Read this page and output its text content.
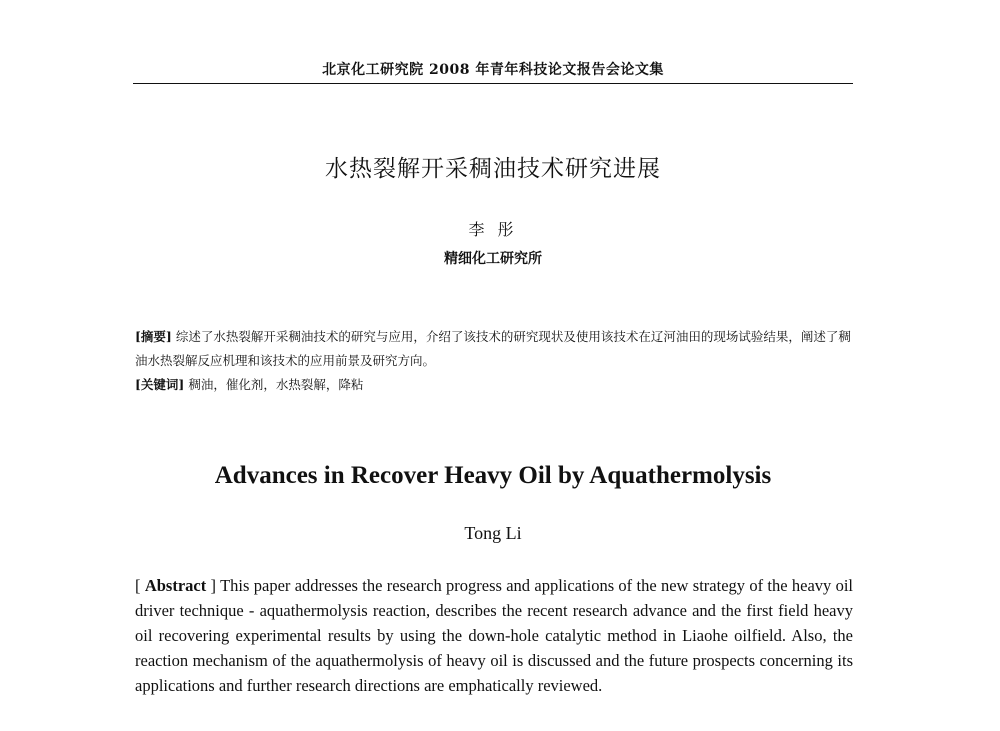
北京化工研究院 2008 年青年科技论文报告会论文集
水热裂解开采稠油技术研究进展
李 彤
精细化工研究所
[摘要] 综述了水热裂解开采稠油技术的研究与应用，介绍了该技术的研究现状及使用该技术在辽河油田的现场试验结果，阐述了稠油水热裂解反应机理和该技术的应用前景及研究方向。
[关键词] 稠油，催化剂，水热裂解，降粘
Advances in Recover Heavy Oil by Aquathermolysis
Tong Li
[ Abstract ] This paper addresses the research progress and applications of the new strategy of the heavy oil driver technique - aquathermolysis reaction, describes the recent research advance and the first field heavy oil recovering experimental results by using the down-hole catalytic method in Liaohe oilfield. Also, the reaction mechanism of the aquathermolysis of heavy oil is discussed and the future prospects concerning its applications and further research directions are emphatically reviewed.
